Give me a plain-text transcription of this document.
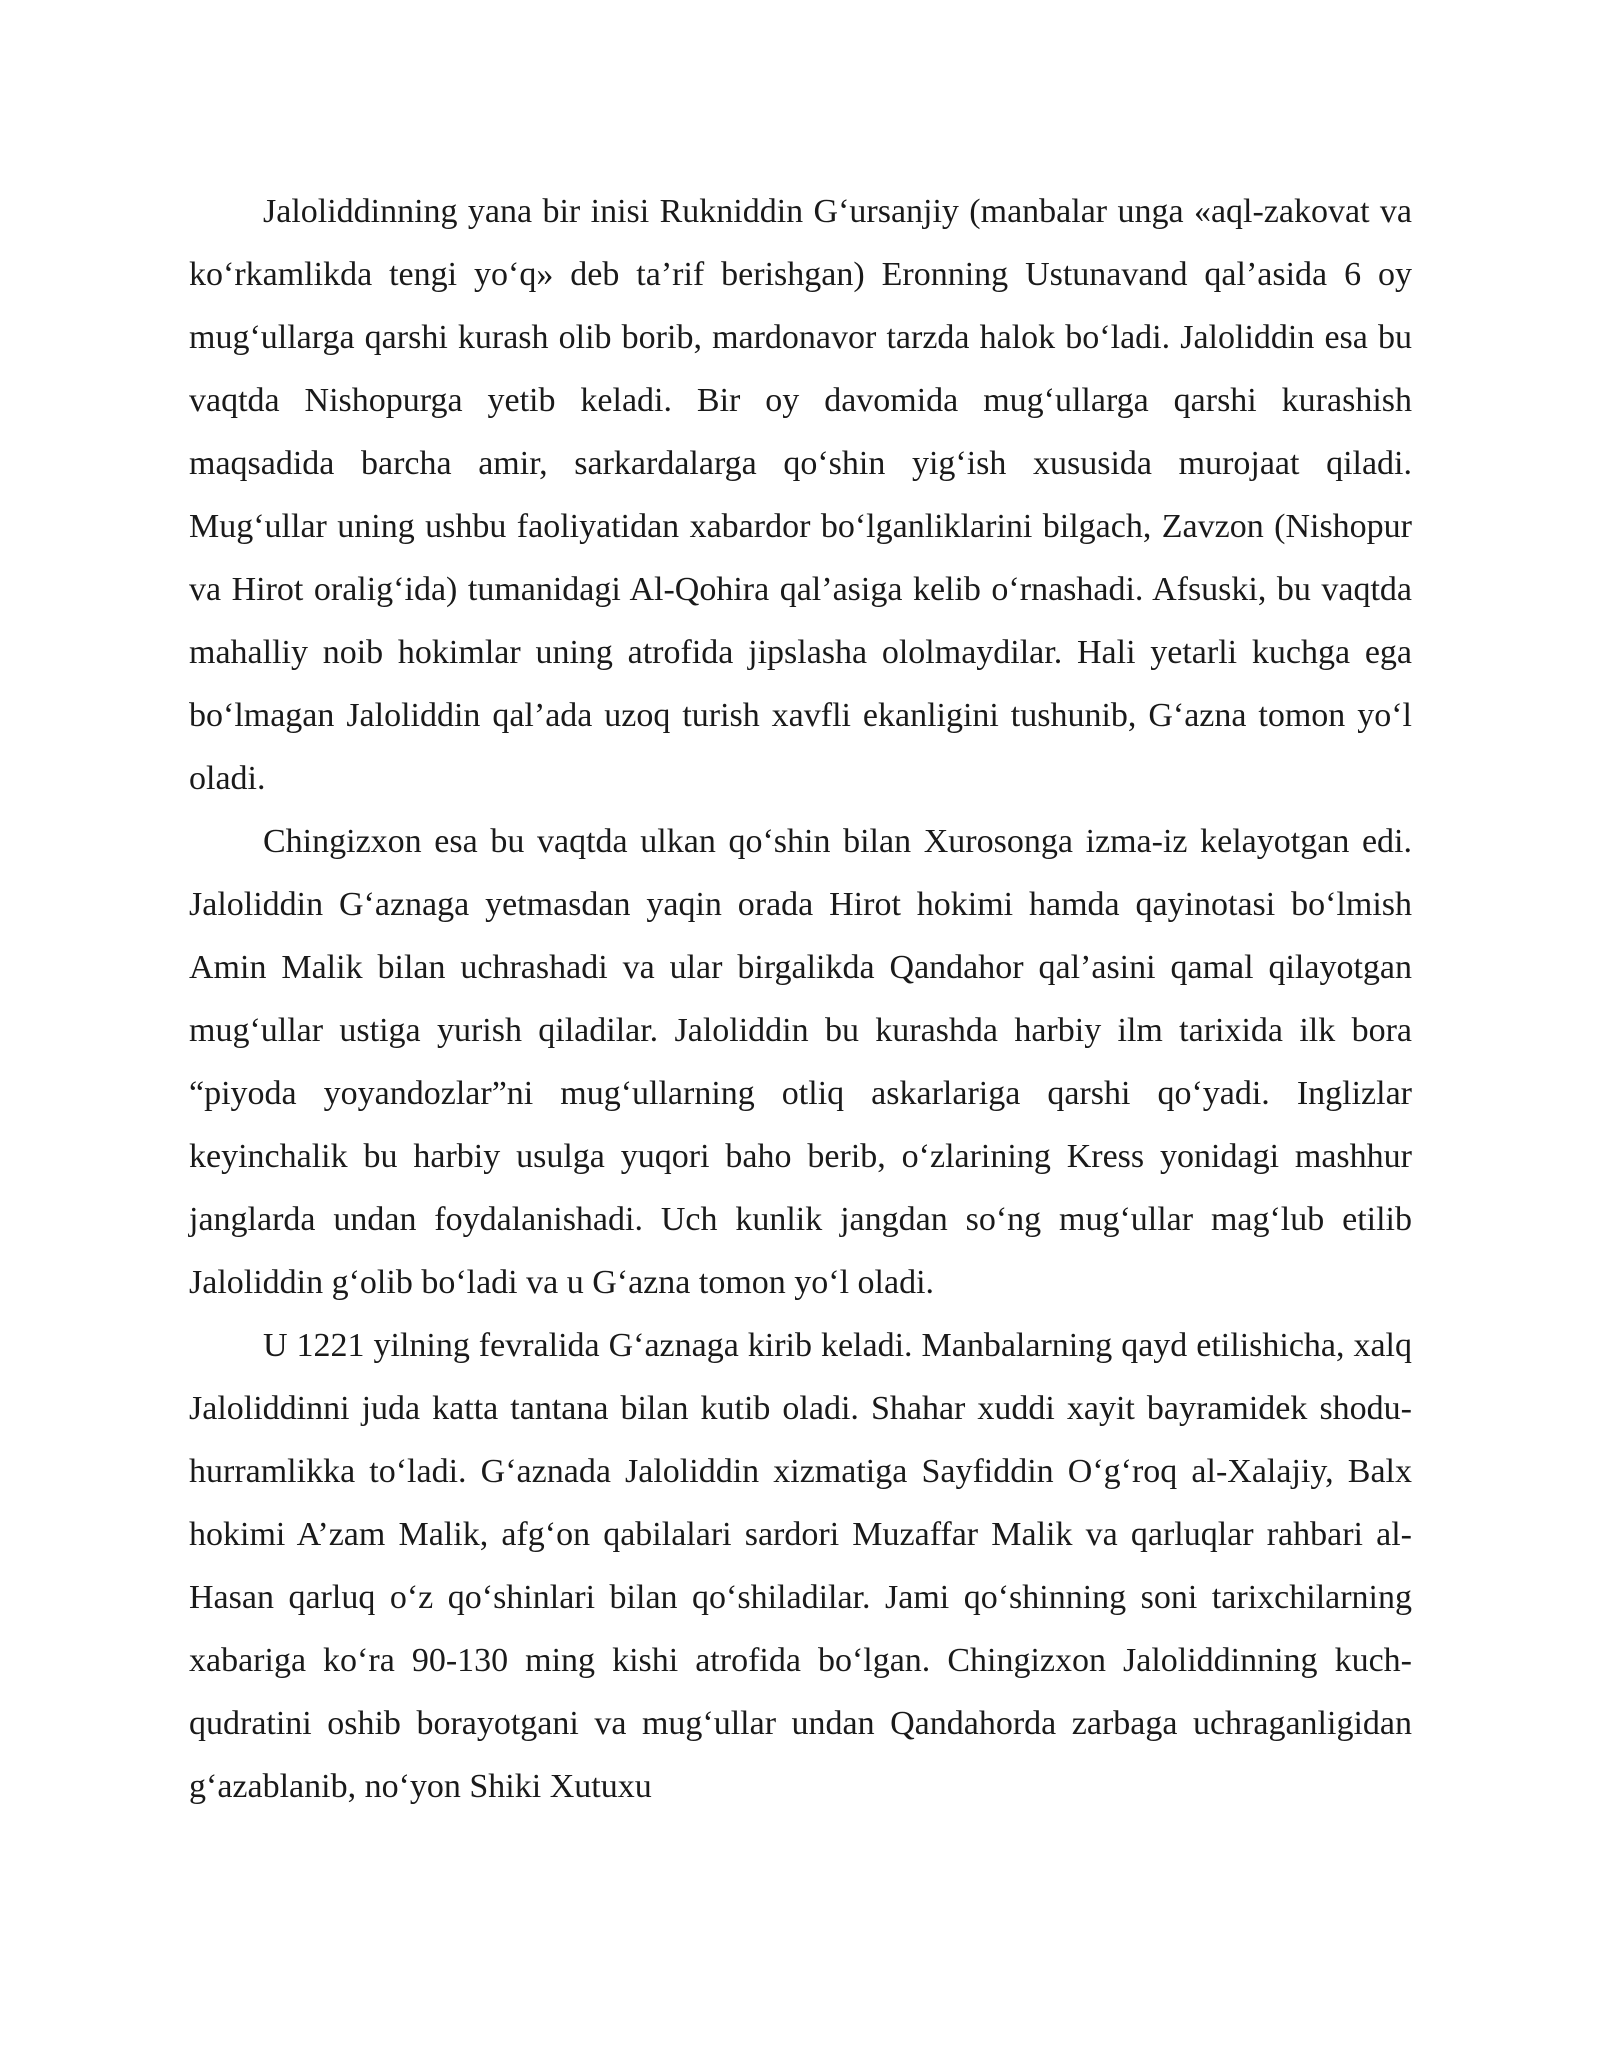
Jaloliddinning yana bir inisi Rukniddin G‘ursanjiy (manbalar unga «aql-zakovat va ko‘rkamlikda tengi yo‘q» deb ta’rif berishgan) Eronning Ustunavand qal’asida 6 oy mug‘ullarga qarshi kurash olib borib, mardonavor tarzda halok bo‘ladi. Jaloliddin esa bu vaqtda Nishopurga yetib keladi. Bir oy davomida mug‘ullarga qarshi kurashish maqsadida barcha amir, sarkardalarga qo‘shin yig‘ish xususida murojaat qiladi. Mug‘ullar uning ushbu faoliyatidan xabardor bo‘lganliklarini bilgach, Zavzon (Nishopur va Hirot oralig‘ida) tumanidagi Al-Qohira qal’asiga kelib o‘rnashadi. Afsuski, bu vaqtda mahalliy noib hokimlar uning atrofida jipslasha ololmaydilar. Hali yetarli kuchga ega bo‘lmagan Jaloliddin qal’ada uzoq turish xavfli ekanligini tushunib, G‘azna tomon yo‘l oladi.

Chingizxon esa bu vaqtda ulkan qo‘shin bilan Xurosonga izma-iz kelayotgan edi. Jaloliddin G‘aznaga yetmasdan yaqin orada Hirot hokimi hamda qayinotasi bo‘lmish Amin Malik bilan uchrashadi va ular birgalikda Qandahor qal’asini qamal qilayotgan mug‘ullar ustiga yurish qiladilar. Jaloliddin bu kurashda harbiy ilm tarixida ilk bora “piyoda yoyandozlar”ni mug‘ullarning otliq askarlariga qarshi qo‘yadi. Inglizlar keyinchalik bu harbiy usulga yuqori baho berib, o‘zlarining Kress yonidagi mashhur janglarda undan foydalanishadi. Uch kunlik jangdan so‘ng mug‘ullar mag‘lub etilib Jaloliddin g‘olib bo‘ladi va u G‘azna tomon yo‘l oladi.

U 1221 yilning fevralida G‘aznaga kirib keladi. Manbalarning qayd etilishicha, xalq Jaloliddinni juda katta tantana bilan kutib oladi. Shahar xuddi xayit bayramidek shodu-hurramlikka to‘ladi. G‘aznada Jaloliddin xizmatiga Sayfiddin O‘g‘roq al-Xalajiy, Balx hokimi A’zam Malik, afg‘on qabilalari sardori Muzaffar Malik va qarluqlar rahbari al-Hasan qarluq o‘z qo‘shinlari bilan qo‘shiladilar. Jami qo‘shinning soni tarixchilarning xabariga ko‘ra 90-130 ming kishi atrofida bo‘lgan. Chingizxon Jaloliddinning kuch-qudratini oshib borayotgani va mug‘ullar undan Qandahorda zarbaga uchraganligidan g‘azablanib, no‘yon Shiki Xutuxu
